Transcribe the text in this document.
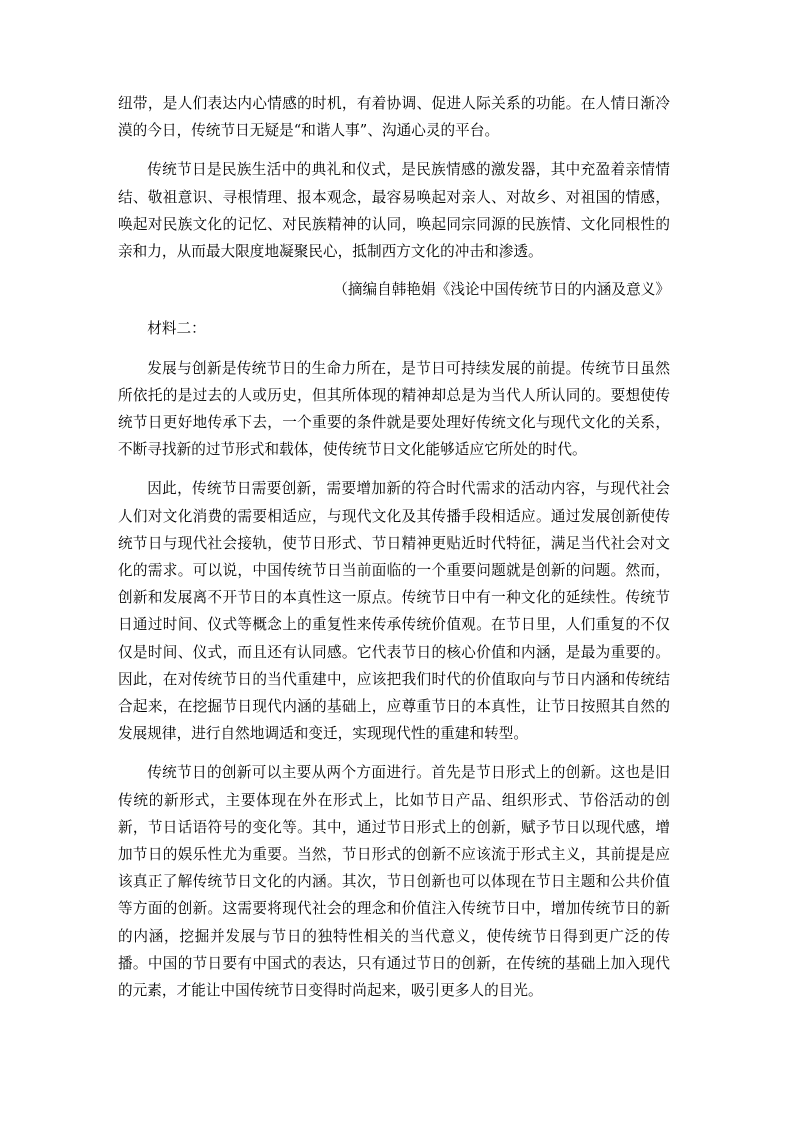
纽带，是人们表达内心情感的时机，有着协调、促进人际关系的功能。在人情日渐冷漠的今日，传统节日无疑是“和谐人事”、沟通心灵的平台。

传统节日是民族生活中的典礼和仪式，是民族情感的激发器，其中充盈着亲情情结、敬祖意识、寻根情理、报本观念，最容易唤起对亲人、对故乡、对祖国的情感，唤起对民族文化的记忆、对民族精神的认同，唤起同宗同源的民族情、文化同根性的亲和力，从而最大限度地凝聚民心，抵制西方文化的冲击和渗透。

（摘编自韩艳娟《浅论中国传统节日的内涵及意义》

材料二：

发展与创新是传统节日的生命力所在，是节日可持续发展的前提。传统节日虽然所依托的是过去的人或历史，但其所体现的精神却总是为当代人所认同的。要想使传统节日更好地传承下去，一个重要的条件就是要处理好传统文化与现代文化的关系，不断寻找新的过节形式和载体，使传统节日文化能够适应它所处的时代。

因此，传统节日需要创新，需要增加新的符合时代需求的活动内容，与现代社会人们对文化消费的需要相适应，与现代文化及其传播手段相适应。通过发展创新使传统节日与现代社会接轨，使节日形式、节日精神更贴近时代特征，满足当代社会对文化的需求。可以说，中国传统节日当前面临的一个重要问题就是创新的问题。然而，创新和发展离不开节日的本真性这一原点。传统节日中有一种文化的延续性。传统节日通过时间、仪式等概念上的重复性来传承传统价值观。在节日里，人们重复的不仅仅是时间、仪式，而且还有认同感。它代表节日的核心价值和内涵，是最为重要的。因此，在对传统节日的当代重建中，应该把我们时代的价值取向与节日内涵和传统结合起来，在挖掘节日现代内涵的基础上，应尊重节日的本真性，让节日按照其自然的发展规律，进行自然地调适和变迁，实现现代性的重建和转型。

传统节日的创新可以主要从两个方面进行。首先是节日形式上的创新。这也是旧传统的新形式，主要体现在外在形式上，比如节日产品、组织形式、节俗活动的创新，节日话语符号的变化等。其中，通过节日形式上的创新，赋予节日以现代感，增加节日的娱乐性尤为重要。当然，节日形式的创新不应该流于形式主义，其前提是应该真正了解传统节日文化的内涵。其次，节日创新也可以体现在节日主题和公共价值等方面的创新。这需要将现代社会的理念和价值注入传统节日中，增加传统节日的新的内涵，挖掘并发展与节日的独特性相关的当代意义，使传统节日得到更广泛的传播。中国的节日要有中国式的表达，只有通过节日的创新，在传统的基础上加入现代的元素，才能让中国传统节日变得时尚起来，吸引更多人的目光。
